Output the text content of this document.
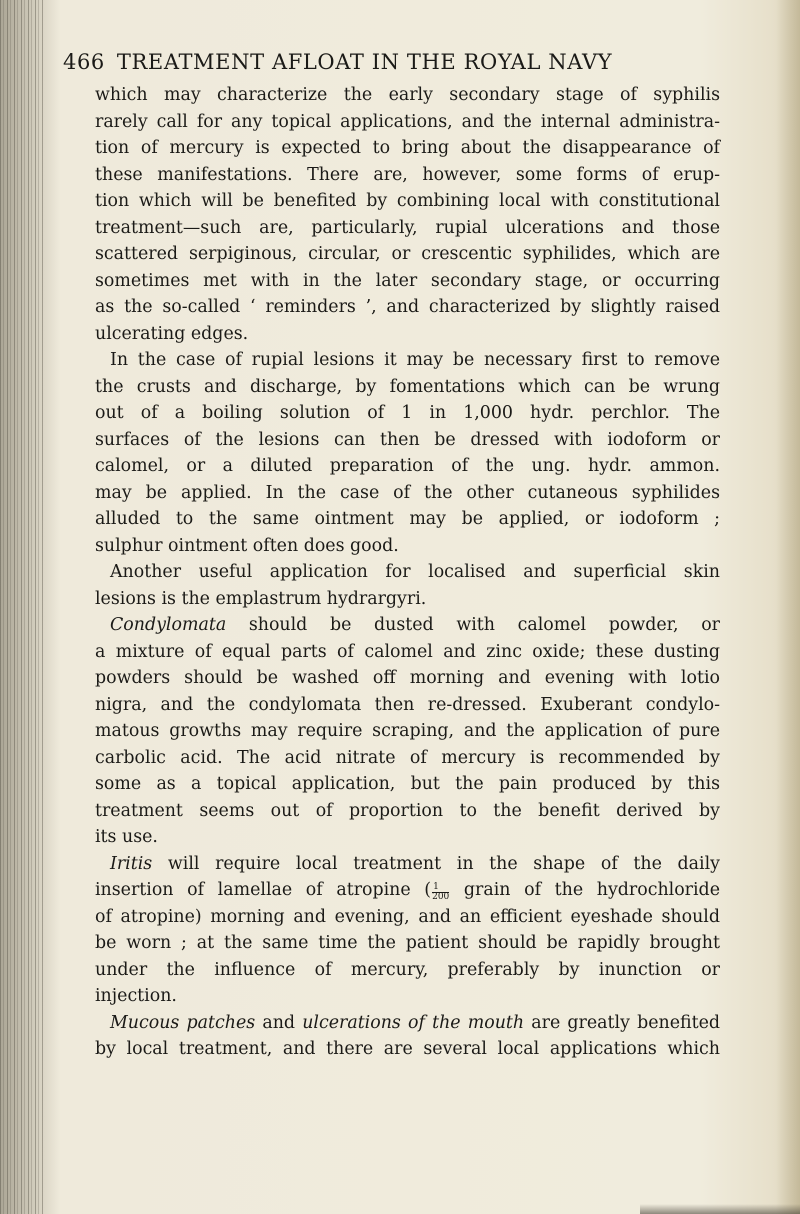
466 TREATMENT AFLOAT IN THE ROYAL NAVY

which may characterize the early secondary stage of syphilis

rarely call for any topical applications, and the internal administra-

tion of mercury is expected to bring about the disappearance of

these manifestations. There are, however, some forms of erup-

tion which will be benefited by combining local with constitutional

treatment—such are, particularly, rupial ulcerations and those

scattered serpiginous, circular, or crescentic syphilides, which are

sometimes met with in the later secondary stage, or occurring

as the so-called ‘ reminders ’, and characterized by slightly raised

ulcerating edges.

In the case of rupial lesions it may be necessary first to remove

the crusts and discharge, by fomentations which can be wrung

out of a boiling solution of 1 in 1,000 hydr. perchlor. The

surfaces of the lesions can then be dressed with iodoform or

calomel, or a diluted preparation of the ung. hydr. ammon.

may be applied. In the case of the other cutaneous syphilides

alluded to the same ointment may be applied, or iodoform ;

sulphur ointment often does good.

Another useful application for localised and superficial skin

lesions is the emplastrum hydrargyri.

Condylomata should be dusted with calomel powder, or

a mixture of equal parts of calomel and zinc oxide; these dusting

powders should be washed off morning and evening with lotio

nigra, and the condylomata then re-dressed. Exuberant condylo-

matous growths may require scraping, and the application of pure

carbolic acid. The acid nitrate of mercury is recommended by

some as a topical application, but the pain produced by this

treatment seems out of proportion to the benefit derived by

its use.

Iritis will require local treatment in the shape of the daily

insertion of lamellae of atropine ( $\frac{1}{200}$ grain of the hydrochloride

of atropine) morning and evening, and an efficient eyeshade should

be worn ; at the same time the patient should be rapidly brought

under the influence of mercury, preferably by inunction or

injection.

Mucous patches and ulcerations of the mouth are greatly benefited

by local treatment, and there are several local applications which
